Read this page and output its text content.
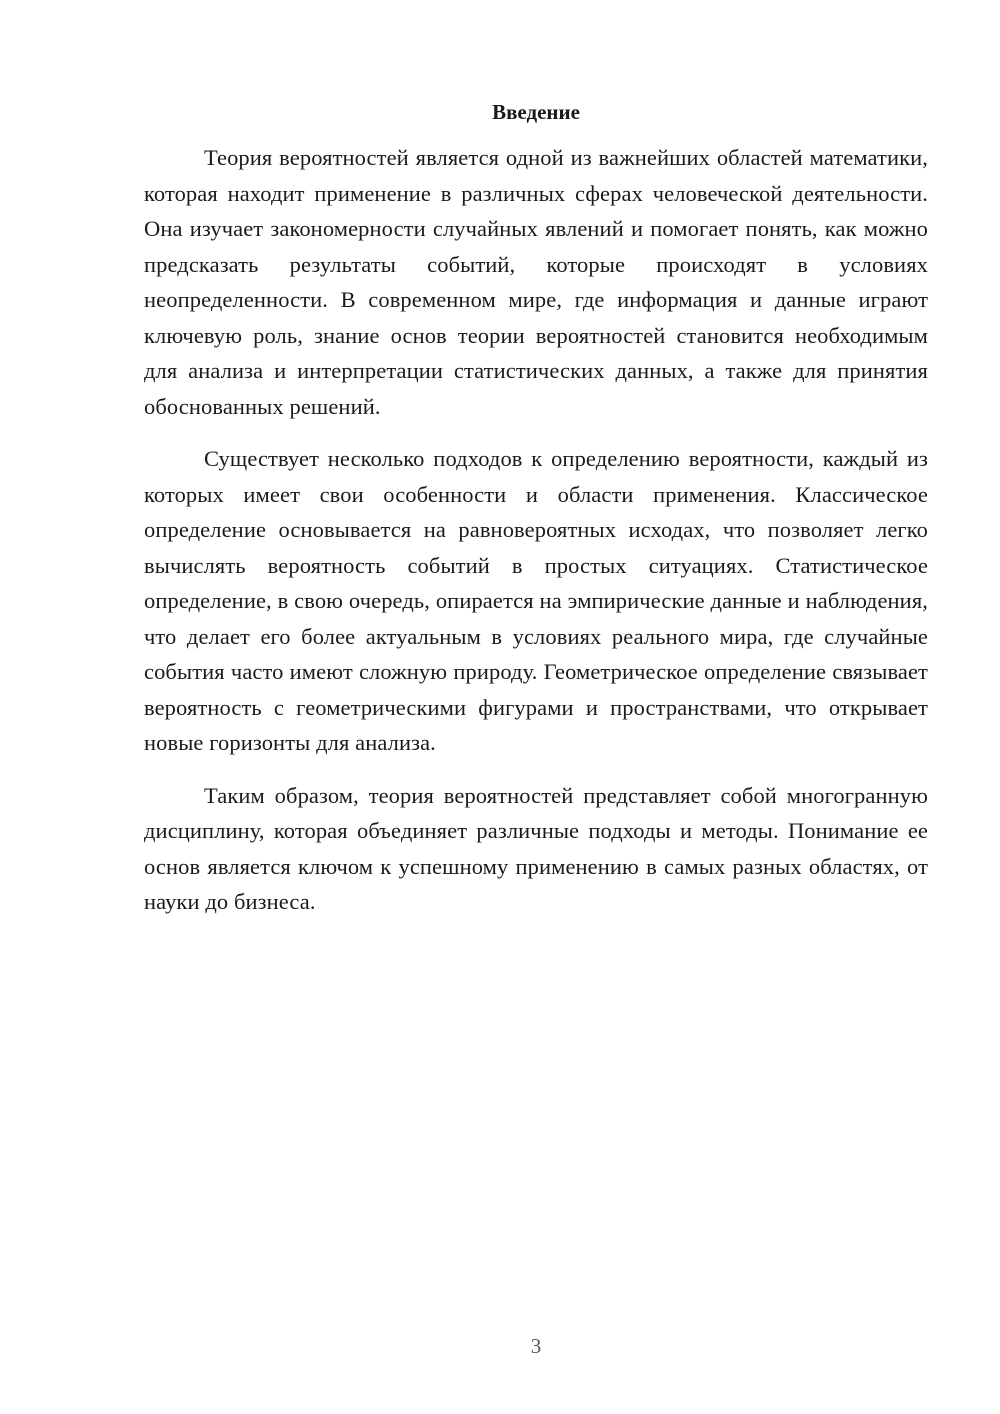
Введение

Теория вероятностей является одной из важнейших областей математики, которая находит применение в различных сферах человеческой деятельности. Она изучает закономерности случайных явлений и помогает понять, как можно предсказать результаты событий, которые происходят в условиях неопределенности. В современном мире, где информация и данные играют ключевую роль, знание основ теории вероятностей становится необходимым для анализа и интерпретации статистических данных, а также для принятия обоснованных решений.

Существует несколько подходов к определению вероятности, каждый из которых имеет свои особенности и области применения. Классическое определение основывается на равновероятных исходах, что позволяет легко вычислять вероятность событий в простых ситуациях. Статистическое определение, в свою очередь, опирается на эмпирические данные и наблюдения, что делает его более актуальным в условиях реального мира, где случайные события часто имеют сложную природу. Геометрическое определение связывает вероятность с геометрическими фигурами и пространствами, что открывает новые горизонты для анализа.

Таким образом, теория вероятностей представляет собой многогранную дисциплину, которая объединяет различные подходы и методы. Понимание ее основ является ключом к успешному применению в самых разных областях, от науки до бизнеса.

3
